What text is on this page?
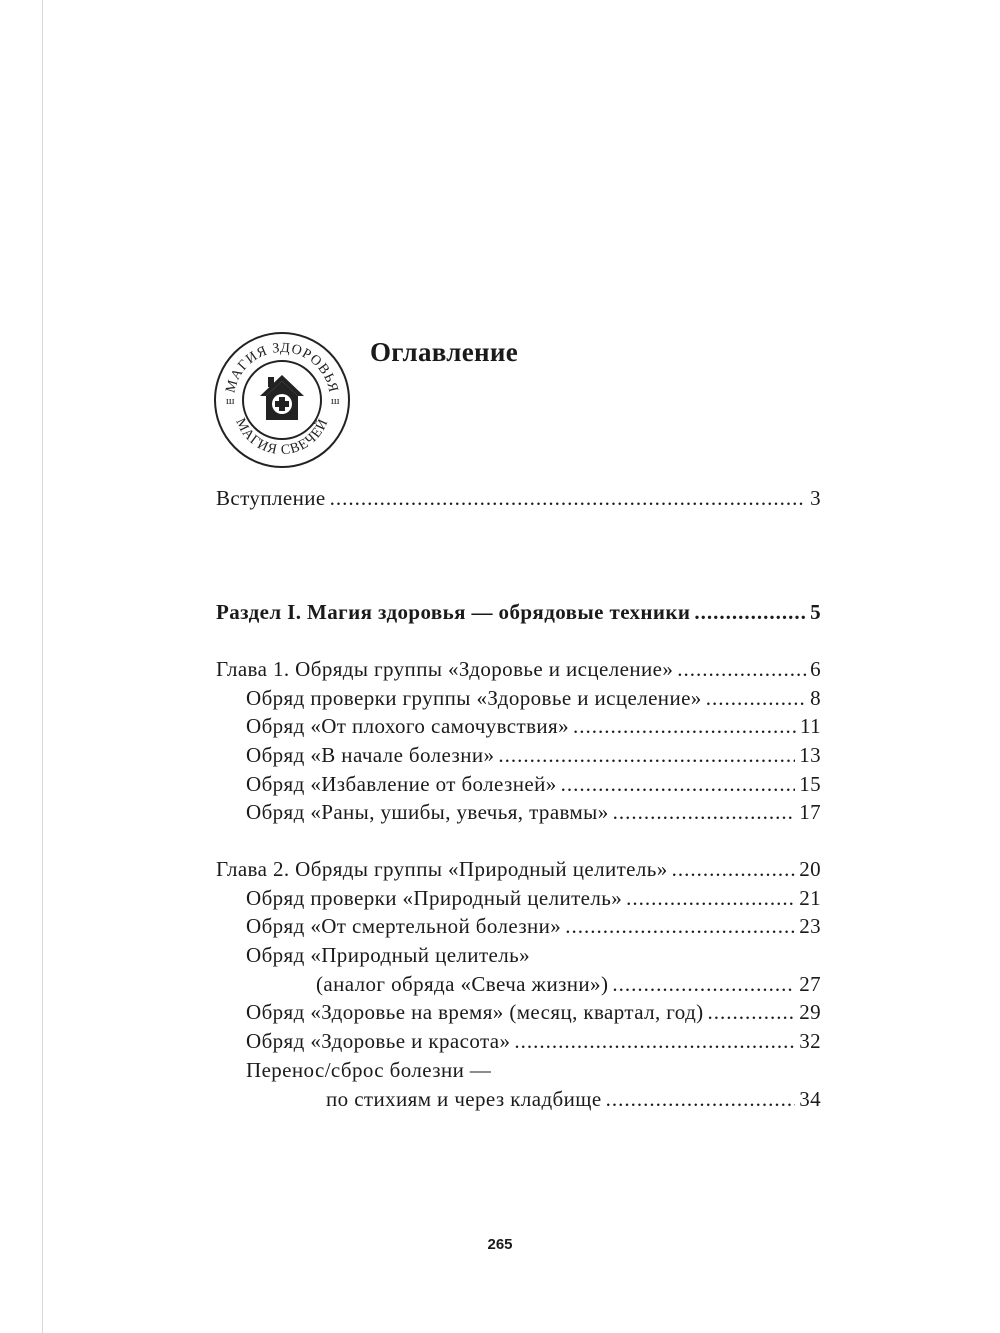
МАГИЯ ЗДОРОВЬЯ
МАГИЯ СВЕЧЕЙ
ш	ш
Оглавление
Вступление .....	3
Раздел I. Магия здоровья — обрядовые техники .....	5
Глава 1. Обряды группы «Здоровье и исцеление» .....	6
Обряд проверки группы «Здоровье и исцеление» .....	8
Обряд «От плохого самочувствия» .....	11
Обряд «В начале болезни» .....	13
Обряд «Избавление от болезней» .....	15
Обряд «Раны, ушибы, увечья, травмы» .....	17
Глава 2. Обряды группы «Природный целитель» .....	20
Обряд проверки «Природный целитель» .....	21
Обряд «От смертельной болезни» .....	23
Обряд «Природный целитель»
(аналог обряда «Свеча жизни») .....	27
Обряд «Здоровье на время» (месяц, квартал, год) .....	29
Обряд «Здоровье и красота» .....	32
Перенос/сброс болезни —
по стихиям и через кладбище .....	34
265
